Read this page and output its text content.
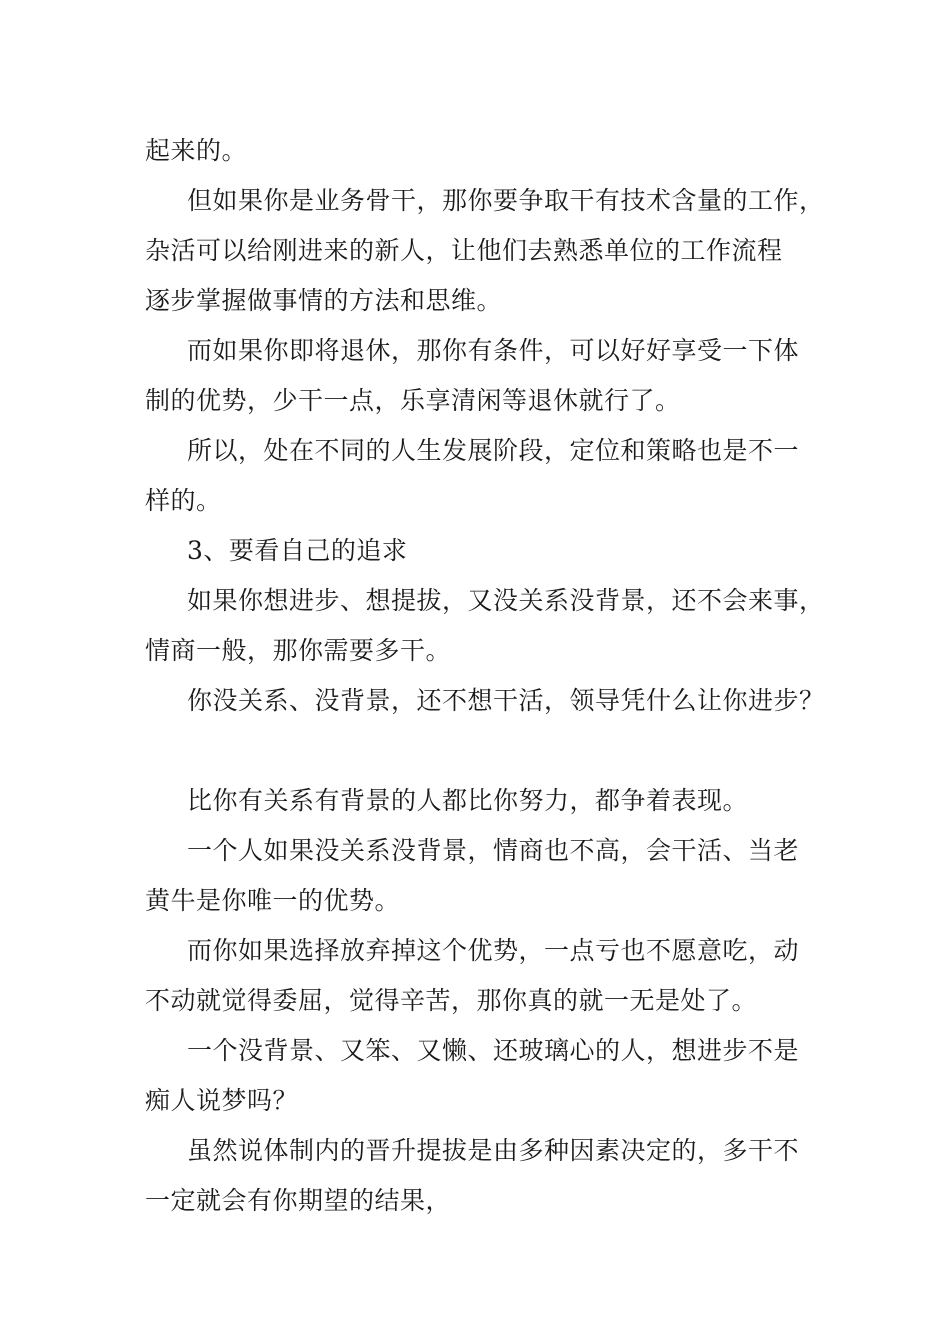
起来的。
但如果你是业务骨干，那你要争取干有技术含量的工作，
杂活可以给刚进来的新人，让他们去熟悉单位的工作流程
逐步掌握做事情的方法和思维。
而如果你即将退休，那你有条件，可以好好享受一下体
制的优势，少干一点，乐享清闲等退休就行了。
所以，处在不同的人生发展阶段，定位和策略也是不一
样的。
3、要看自己的追求
如果你想进步、想提拔，又没关系没背景，还不会来事，
情商一般，那你需要多干。
你没关系、没背景，还不想干活，领导凭什么让你进步？
比你有关系有背景的人都比你努力，都争着表现。
一个人如果没关系没背景，情商也不高，会干活、当老
黄牛是你唯一的优势。
而你如果选择放弃掉这个优势，一点亏也不愿意吃，动
不动就觉得委屈，觉得辛苦，那你真的就一无是处了。
一个没背景、又笨、又懒、还玻璃心的人，想进步不是
痴人说梦吗？
虽然说体制内的晋升提拔是由多种因素决定的，多干不
一定就会有你期望的结果，
